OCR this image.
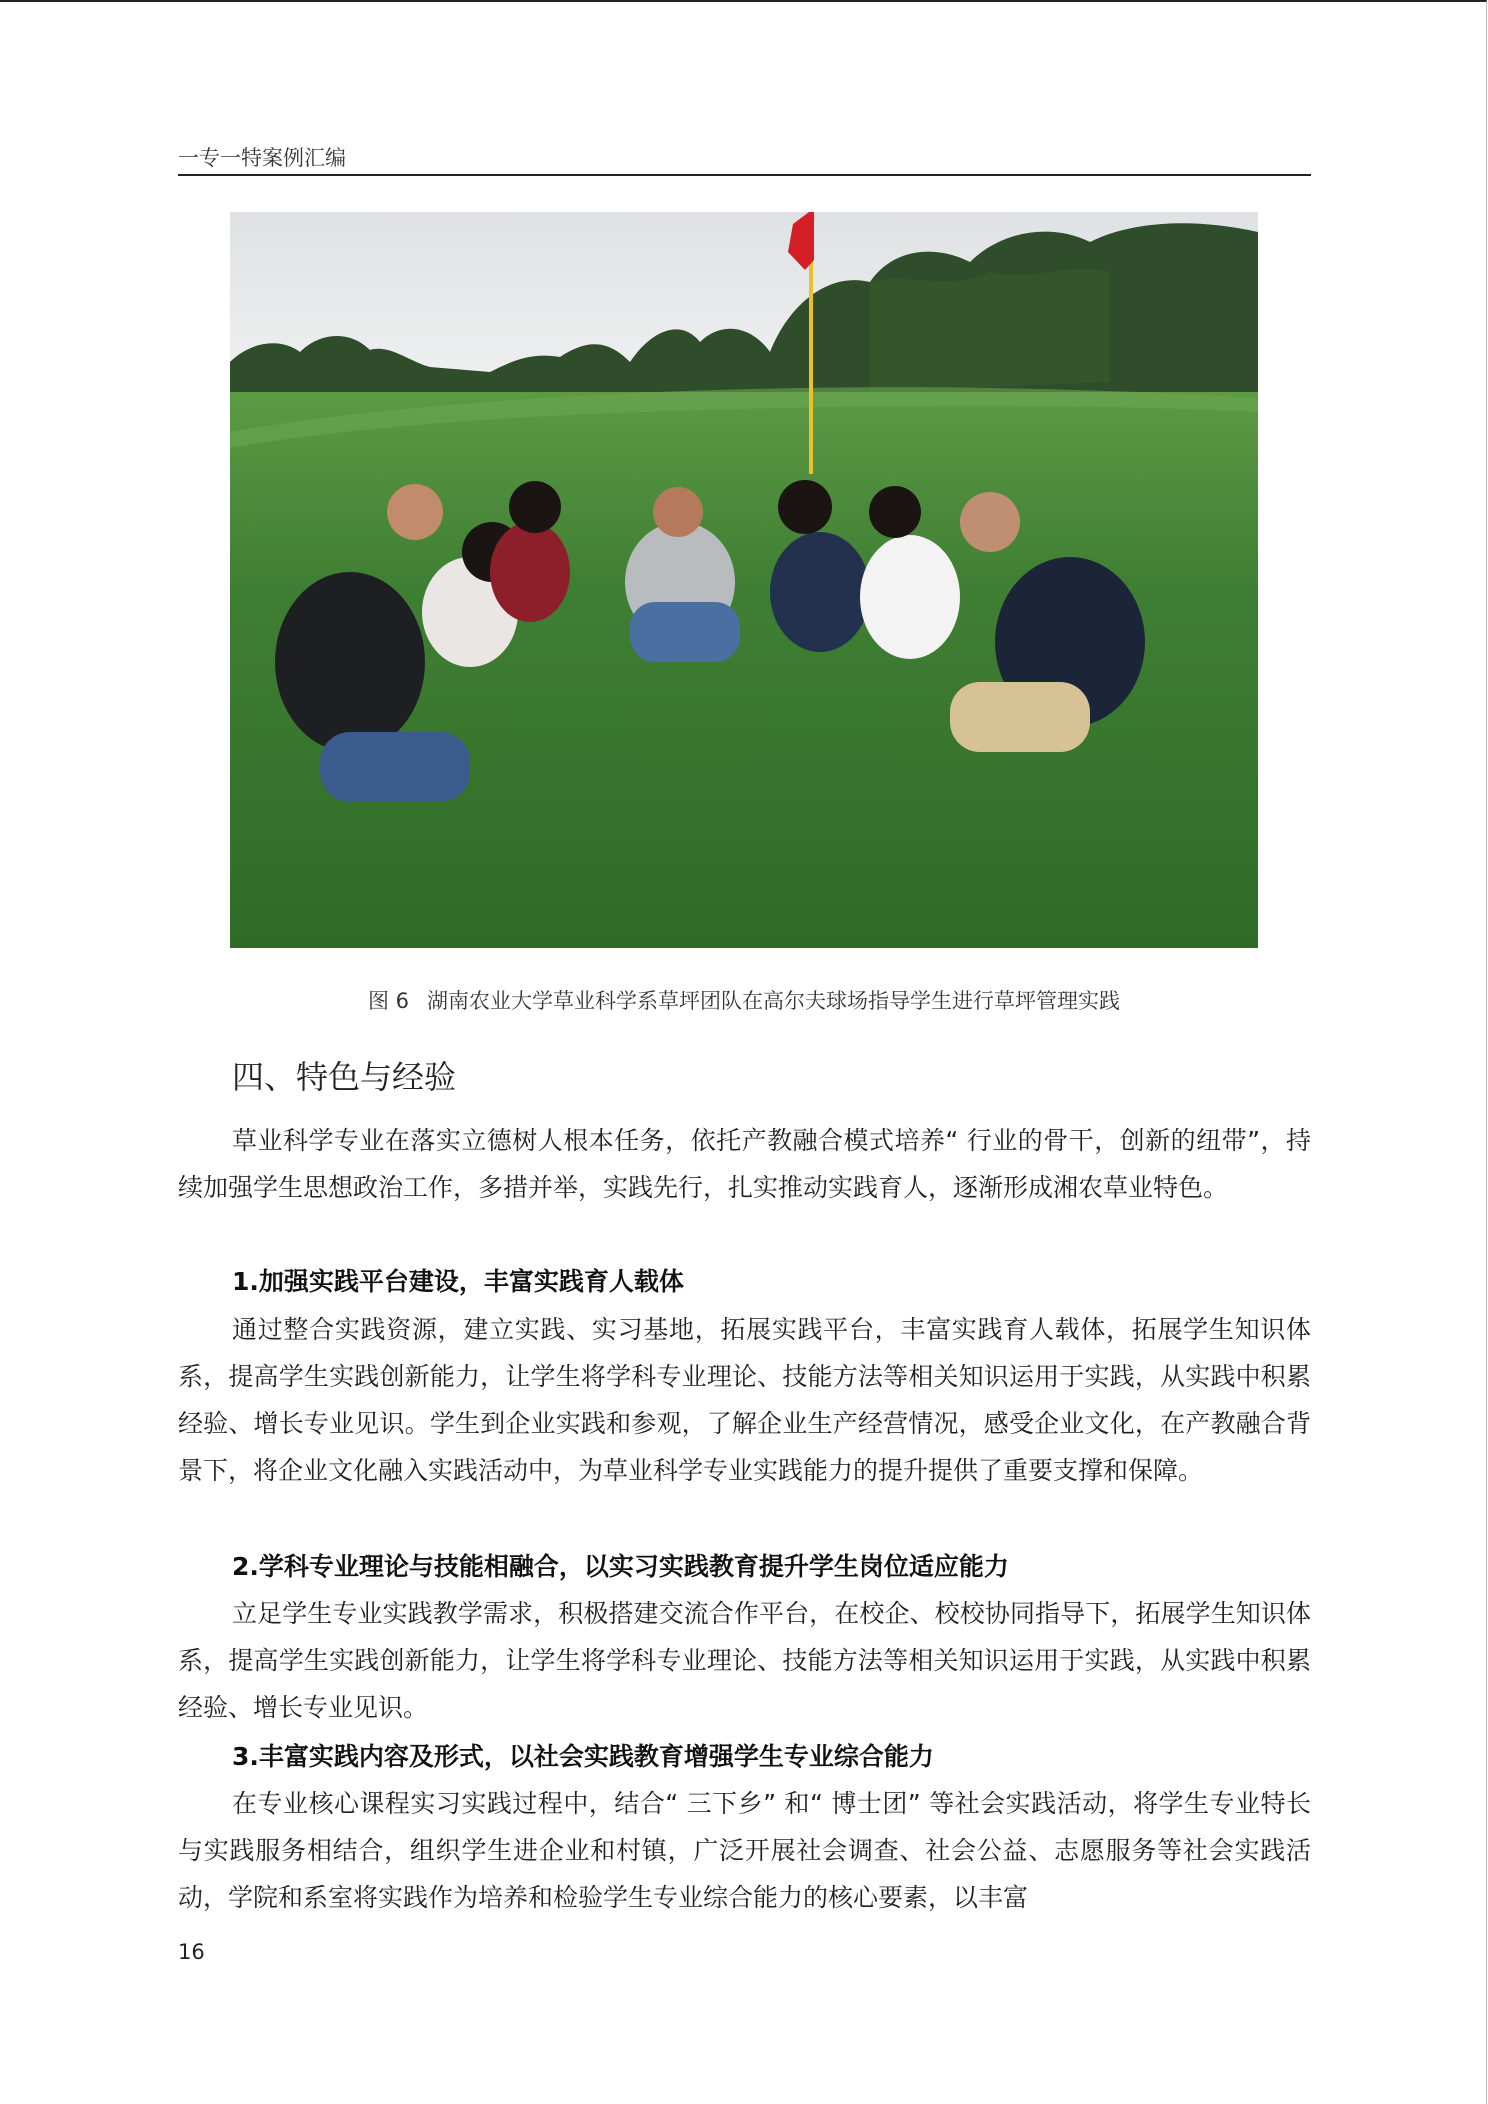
一专一特案例汇编
图 6 湖南农业大学草业科学系草坪团队在高尔夫球场指导学生进行草坪管理实践
四、特色与经验
草业科学专业在落实立德树人根本任务，依托产教融合模式培养“ 行业的骨干，创新的纽带”，持续加强学生思想政治工作，多措并举，实践先行，扎实推动实践育人，逐渐形成湘农草业特色。
1.加强实践平台建设，丰富实践育人载体
通过整合实践资源，建立实践、实习基地，拓展实践平台，丰富实践育人载体，拓展学生知识体系，提高学生实践创新能力，让学生将学科专业理论、技能方法等相关知识运用于实践，从实践中积累经验、增长专业见识。学生到企业实践和参观，了解企业生产经营情况，感受企业文化，在产教融合背景下，将企业文化融入实践活动中，为草业科学专业实践能力的提升提供了重要支撑和保障。
2.学科专业理论与技能相融合，以实习实践教育提升学生岗位适应能力
立足学生专业实践教学需求，积极搭建交流合作平台，在校企、校校协同指导下，拓展学生知识体系，提高学生实践创新能力，让学生将学科专业理论、技能方法等相关知识运用于实践，从实践中积累经验、增长专业见识。
3.丰富实践内容及形式，以社会实践教育增强学生专业综合能力
在专业核心课程实习实践过程中，结合“ 三下乡” 和“ 博士团” 等社会实践活动，将学生专业特长与实践服务相结合，组织学生进企业和村镇，广泛开展社会调查、社会公益、志愿服务等社会实践活动，学院和系室将实践作为培养和检验学生专业综合能力的核心要素，以丰富
16
